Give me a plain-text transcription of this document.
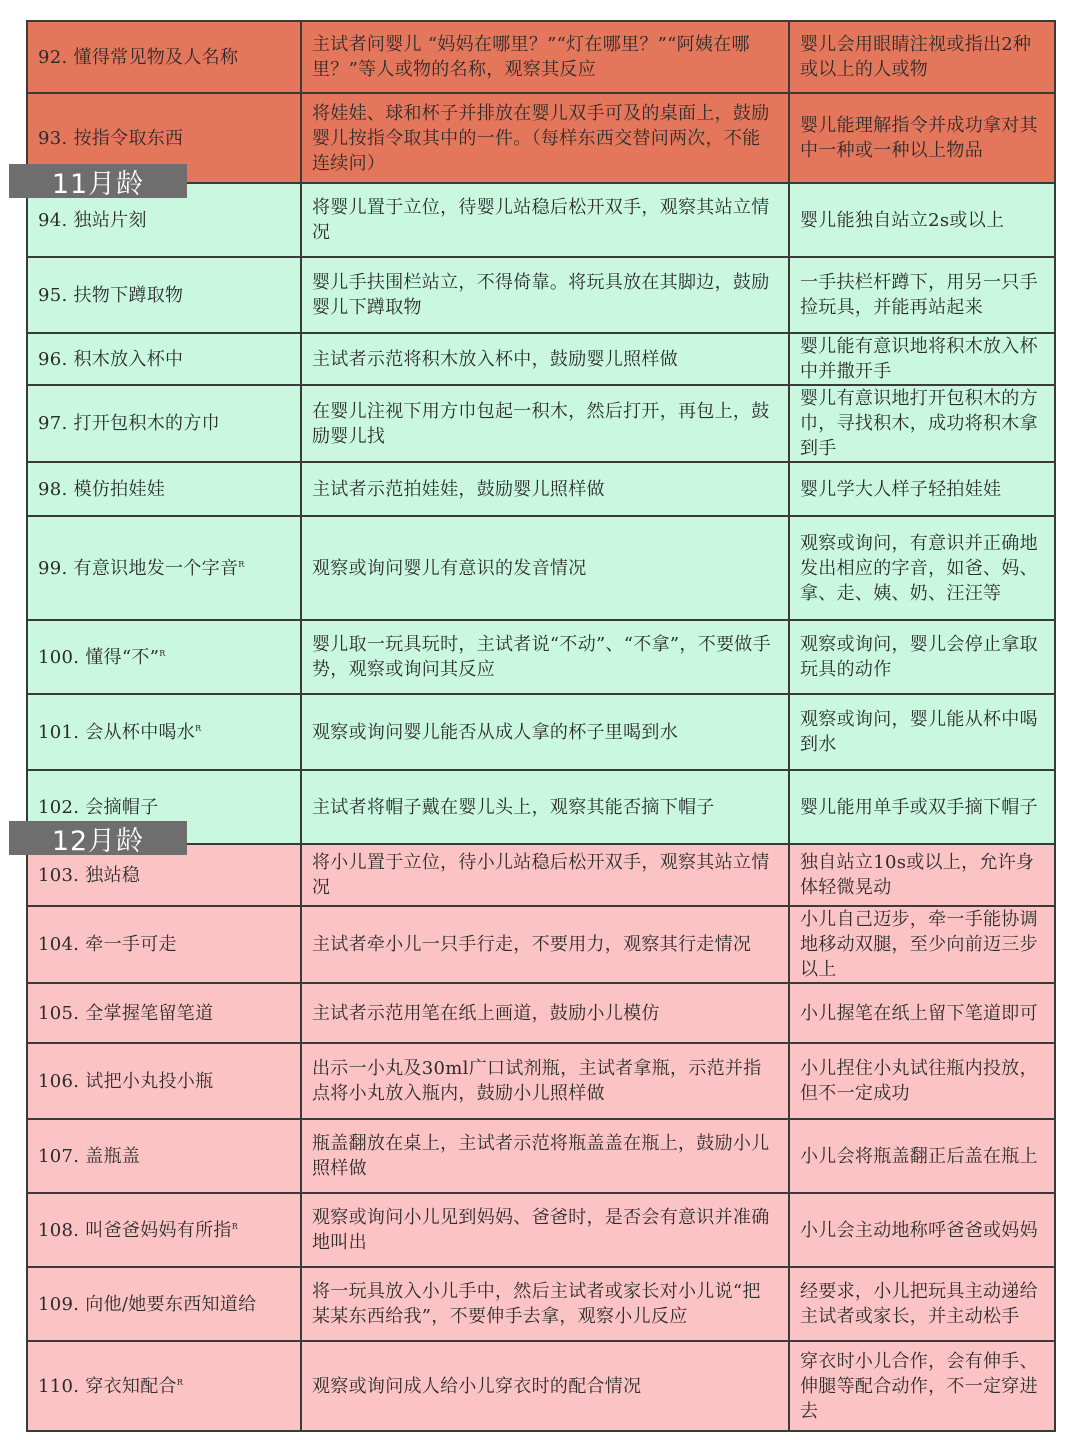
92. 懂得常见物及人名称	主试者问婴儿 “妈妈在哪里？”“灯在哪里？”“阿姨在哪里？”等人或物的名称，观察其反应	婴儿会用眼睛注视或指出2种或以上的人或物
93. 按指令取东西	将娃娃、球和杯子并排放在婴儿双手可及的桌面上，鼓励婴儿按指令取其中的一件。（每样东西交替问两次，不能连续问）	婴儿能理解指令并成功拿对其中一种或一种以上物品
94. 独站片刻	将婴儿置于立位，待婴儿站稳后松开双手，观察其站立情况	婴儿能独自站立2s或以上
95. 扶物下蹲取物	婴儿手扶围栏站立，不得倚靠。将玩具放在其脚边，鼓励婴儿下蹲取物	一手扶栏杆蹲下，用另一只手捡玩具，并能再站起来
96. 积木放入杯中	主试者示范将积木放入杯中，鼓励婴儿照样做	婴儿能有意识地将积木放入杯中并撒开手
97. 打开包积木的方巾	在婴儿注视下用方巾包起一积木，然后打开，再包上，鼓励婴儿找	婴儿有意识地打开包积木的方巾，寻找积木，成功将积木拿到手
98. 模仿拍娃娃	主试者示范拍娃娃，鼓励婴儿照样做	婴儿学大人样子轻拍娃娃
99. 有意识地发一个字音$^R$	观察或询问婴儿有意识的发音情况	观察或询问，有意识并正确地发出相应的字音，如爸、妈、拿、走、姨、奶、汪汪等
100. 懂得“不”$^R$	婴儿取一玩具玩时，主试者说“不动”、“不拿”，不要做手势，观察或询问其反应	观察或询问，婴儿会停止拿取玩具的动作
101. 会从杯中喝水$^R$	观察或询问婴儿能否从成人拿的杯子里喝到水	观察或询问，婴儿能从杯中喝到水
102. 会摘帽子	主试者将帽子戴在婴儿头上，观察其能否摘下帽子	婴儿能用单手或双手摘下帽子
103. 独站稳	将小儿置于立位，待小儿站稳后松开双手，观察其站立情况	独自站立10s或以上，允许身体轻微晃动
104. 牵一手可走	主试者牵小儿一只手行走，不要用力，观察其行走情况	小儿自己迈步，牵一手能协调地移动双腿，至少向前迈三步以上
105. 全掌握笔留笔道	主试者示范用笔在纸上画道，鼓励小儿模仿	小儿握笔在纸上留下笔道即可
106. 试把小丸投小瓶	出示一小丸及30ml广口试剂瓶，主试者拿瓶，示范并指点将小丸放入瓶内，鼓励小儿照样做	小儿捏住小丸试往瓶内投放，但不一定成功
107. 盖瓶盖	瓶盖翻放在桌上，主试者示范将瓶盖盖在瓶上，鼓励小儿照样做	小儿会将瓶盖翻正后盖在瓶上
108. 叫爸爸妈妈有所指$^R$	观察或询问小儿见到妈妈、爸爸时，是否会有意识并准确地叫出	小儿会主动地称呼爸爸或妈妈
109. 向他/她要东西知道给	将一玩具放入小儿手中，然后主试者或家长对小儿说“把某某东西给我”，不要伸手去拿，观察小儿反应	经要求，小儿把玩具主动递给主试者或家长，并主动松手
110. 穿衣知配合$^R$	观察或询问成人给小儿穿衣时的配合情况	穿衣时小儿合作，会有伸手、伸腿等配合动作，不一定穿进去
11月龄
12月龄
